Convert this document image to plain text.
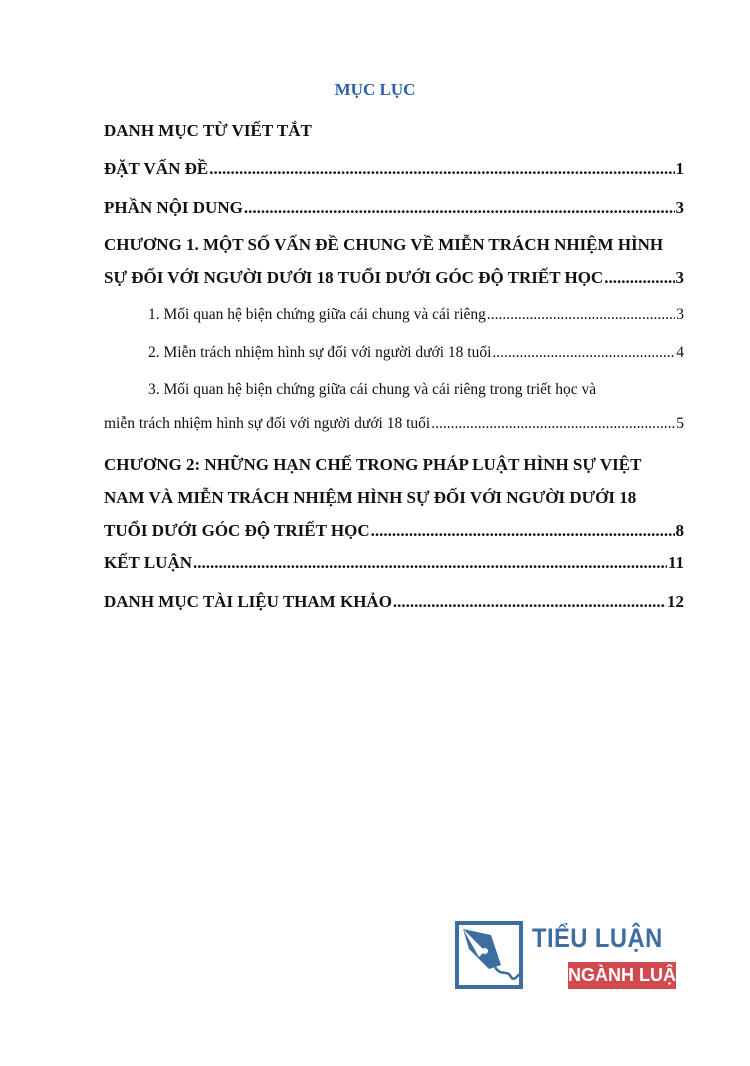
MỤC LỤC
DANH MỤC TỪ VIẾT TẮT
ĐẶT VẤN ĐỀ .....	1
PHẦN NỘI DUNG .....	3
CHƯƠNG 1. MỘT SỐ VẤN ĐỀ CHUNG VỀ MIỄN TRÁCH NHIỆM HÌNH
SỰ ĐỐI VỚI NGƯỜI DƯỚI 18 TUỔI DƯỚI GÓC ĐỘ TRIẾT HỌC .....	3
1. Mối quan hệ biện chứng giữa cái chung và cái riêng .....	3
2. Miễn trách nhiệm hình sự đối với người dưới 18 tuổi .....	4
3. Mối quan hệ biện chứng giữa cái chung và cái riêng trong triết học và
miễn trách nhiệm hình sự đối với người dưới 18 tuổi .....	5
CHƯƠNG 2: NHỮNG HẠN CHẾ TRONG PHÁP LUẬT HÌNH SỰ VIỆT
NAM VÀ MIỄN TRÁCH NHIỆM HÌNH SỰ ĐỐI VỚI NGƯỜI DƯỚI 18
TUỔI DƯỚI GÓC ĐỘ TRIẾT HỌC .....	8
KẾT LUẬN .....	11
DANH MỤC TÀI LIỆU THAM KHẢO .....	12
TIỂU LUẬN
NGÀNH LUẬT
